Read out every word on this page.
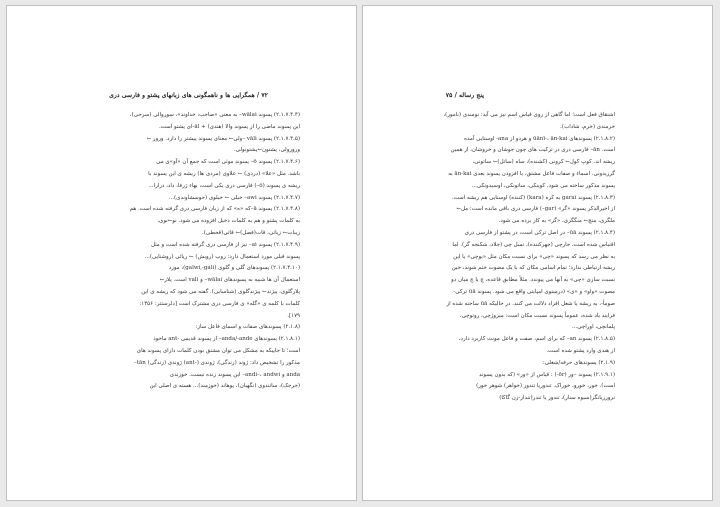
۷۲ / همگرایی ها و ناهمگونی های زبانهای پشتو و فارسی دری
(۲.۱.۷.۴.۴) پسوند wālai– به معنی «صاحب، خداوند»، سوروالی (سرحی)،
این پسوند ماضی را از پسوند والا (هندی) + āl-ای پشتو است.
(۲.۱.۷.۴.۵) پسوند vāli –ولی← معنای پسوند پیشتر را دارد. ورور ←
ورورولی، پشتون←پشتونولی.
(۲.۱.۷.۴.۶) پسوند ō– پسوند موثی است که جمع آن «آو»ی می
باشد. مثل «علا» (دردی) ← علاوی (مردی ها) ریشه ی این پسوند با
ریشه ی پسوند (ō–) فارسی دری یکی است، بهاء ژرفا، داد، درارا...
(۲.۱.۷.۴.۷) پسوند awi– خیلی ← خیلوی (حوسشاوندی)...
(۲.۱.۷.۴.۸) پسوند ā–که «ه» که از زبان فارسی دری گرفته شده است. هم
به کلمات پشتو و هم به کلمات دخیل افزوده می شود. نو←نوی،
زیبات← زیاتی، قات(فصل)← قاتی(قحطی).
(۲.۱.۷.۴.۹) پسوند ai– نیز از فارسی دری گرفته شده است و مثل
پسوند قبلی مورد استعمال دارد: روپ (روبش) ← رپائی (روشنایی)...
(۲.۱.۷.۴.۱۰) پسوندهای گلی و گلوی (galwi,-gali)، مورد
استعمال آن ها شبیه به پسوندهای wālai– و vali است. پلار←
پلارگلوی، پیژند← پیژندگلوی (شناسایی). گفته می شود که ریشه ی این
کلمات با کلمه ی «گله» ی فارسی دری مشترک است [دلرستتر: ۱۳۵۶:
۱۷۹].
(۲.۱.۸) پسوندهای صفات و اسمای فاعل ساز:
(۲.۱.۸.۱) پسوندهای anda/-ande– از پسوند قدیمی -ant ماخوذ
است؛ تا جاییکه به مشکل می توان مشتق بودن کلمات دارای پسوند های
مذکور را تشخیص داد: ژوند (زندگی)، ژوندی (-ant) ژوندی (زندگی) tān–
anda و andi–، andwi– این پسوند زنده نیست. خوزندی
(جرجک)، ساتندوی (نگهبان)، پوهاند (خوزمند)... هسته ی اصلی این
پنج رساله / ۷۵
اشتقاق فعل است؛ اما گاهی از روی قیاس اسم نیز می آید: نومندی (نامور)،
خرمندی (خرم، شاداب).
(۲.۱.۸.۲) پسوندهای ūānī-، ān-kai و هردو از ana- اوستایی آمده
است. ān– فارسی دری در ترکیب های چون جوشان و خروشان، از همین
ریشه اند. کوپ کول← کرونی (کشنده)، ساه (ساتل)← ساتونی،
گرزیدونی. اسماء و صفات فاعل مشتق، با افزودن پسوند بعدی ān-kai به
پسوند مذکور ساخته می شود. کوینکی، ساتونکی، اوسیدونکی...
(۲.۱.۸.۳) پسوند garai به کره (kara) (کننده) اوستایی هم ریشه است.
از اخیرالذکر پسوند «گر» (gar–) فارسی دری باقی مانده است: مل←
ملگری، منچ← منگگری، «گر» به کار برده می شود.
(۲.۱.۸.۴) پسوند ūā– در اصل ترکی است، در پشتو از فارسی دری
اقتباس شده است، جارچی (جهرکننده)، نسل چی (جلاد، شکنجه گر). اما
به نظر می رسد که پسوند «چی» برای نسبت مکان مثل «بوچی» یا این
ریشه ارتباطی ندارد؛ تمام اسامی مکان که با یک مصوت ختم شوند، حین
نسبت سازی «چی» به آنها می پیوندد. مثلاً مطابق قاعده، چ یا چ میان دو
مصوت «واو» و «ی» (درمیتوی امپایتی واقع می شود. پسوند ūā ترکی-
صوماً-، به ریشه یا شغل افراد دلالت می کنند. در حالیکه ūā ساخته شده از
فرایند یاد شده، عموماً پسوند نسبت مکان است: میروژچی، روتوچی،
پلمانچی، اوراچی...
(۲.۱.۸.۵) پسوند an– که برای اسم، صفت و فاعل مونث کاربرد دارد،
از هندی وارد پشتو شده است.
(۲.۱.۹) پسوندهای حرفه/شغلی:
(۲.۱.۹.۱) پسوند –ور (ōr-) : قیاس از «ور» (که بدون پسوند
است). خور، خورو، خوراک. تندوریا تندور (خواهر) شوهر خور)
نرورزیانگر(سیوه سنار)، تندور یا تندر(تندار-زن گاکا)
